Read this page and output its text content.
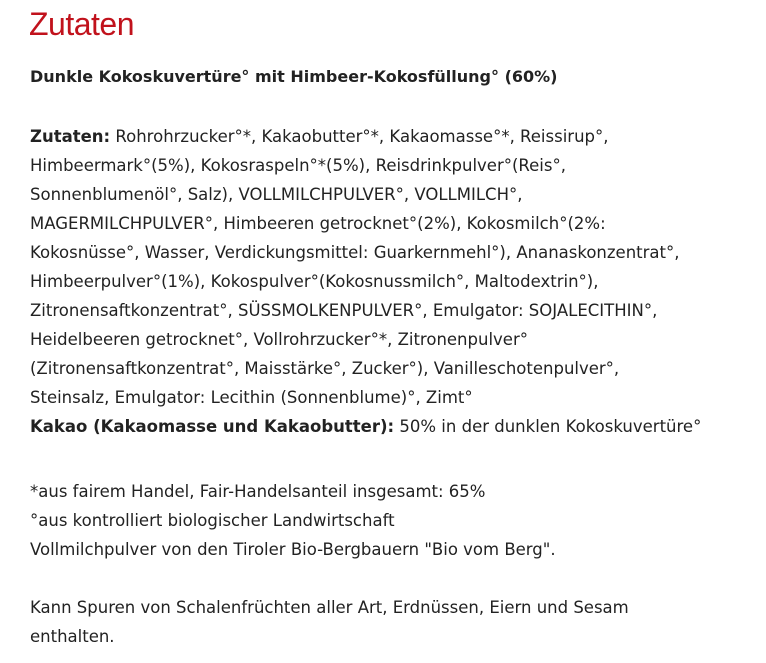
Zutaten
Dunkle Kokoskuvertüre° mit Himbeer-Kokosfüllung° (60%)
Zutaten: Rohrohrzucker°*, Kakaobutter°*, Kakaomasse°*, Reissirup°,
Himbeermark°(5%), Kokosraspeln°*(5%), Reisdrinkpulver°(Reis°,
Sonnenblumenöl°, Salz), VOLLMILCHPULVER°, VOLLMILCH°,
MAGERMILCHPULVER°, Himbeeren getrocknet°(2%), Kokosmilch°(2%:
Kokosnüsse°, Wasser, Verdickungsmittel: Guarkernmehl°), Ananaskonzentrat°,
Himbeerpulver°(1%), Kokospulver°(Kokosnussmilch°, Maltodextrin°),
Zitronensaftkonzentrat°, SÜSSMOLKENPULVER°, Emulgator: SOJALECITHIN°,
Heidelbeeren getrocknet°, Vollrohrzucker°*, Zitronenpulver°
(Zitronensaftkonzentrat°, Maisstärke°, Zucker°), Vanilleschotenpulver°,
Steinsalz, Emulgator: Lecithin (Sonnenblume)°, Zimt°
Kakao (Kakaomasse und Kakaobutter): 50% in der dunklen Kokoskuvertüre°
*aus fairem Handel, Fair-Handelsanteil insgesamt: 65%
°aus kontrolliert biologischer Landwirtschaft
Vollmilchpulver von den Tiroler Bio-Bergbauern "Bio vom Berg".
Kann Spuren von Schalenfrüchten aller Art, Erdnüssen, Eiern und Sesam
enthalten.
